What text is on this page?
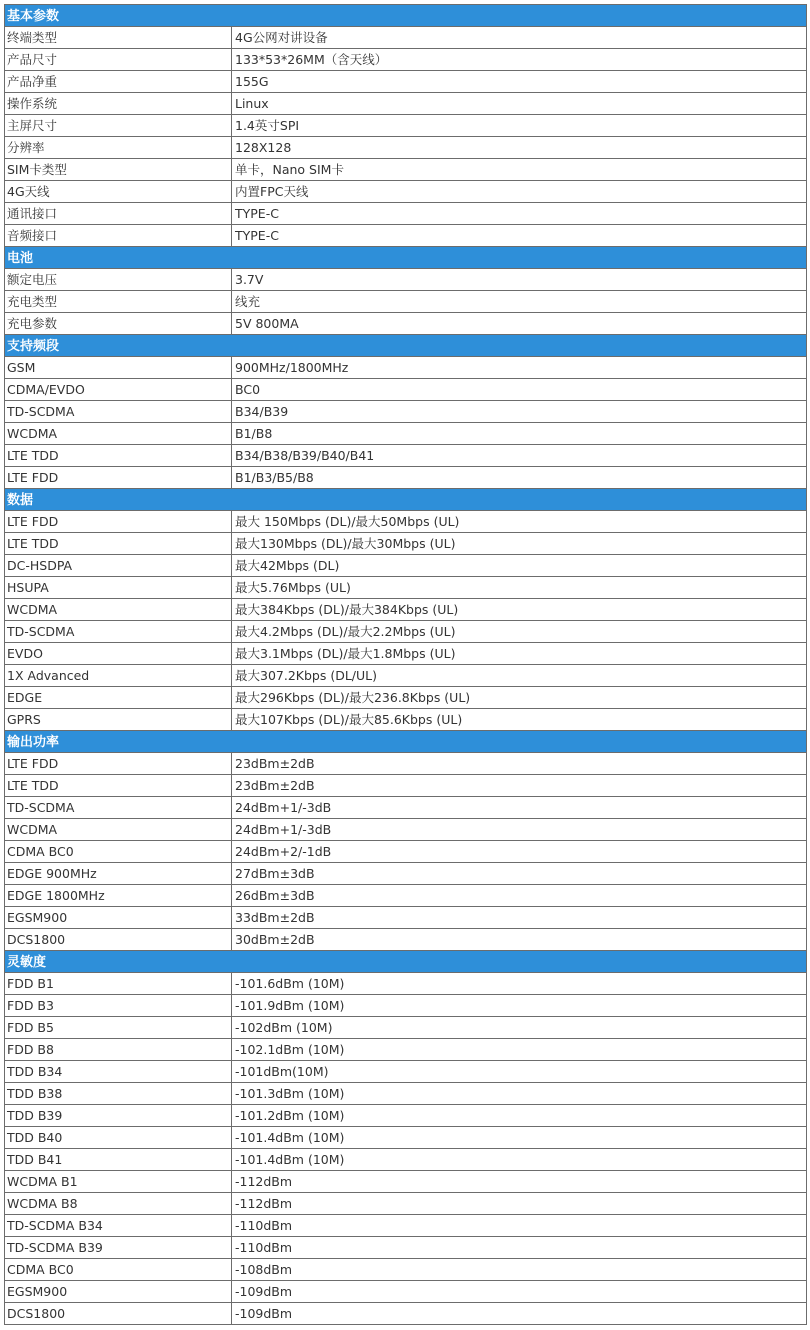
基本参数	
终端类型	4G公网对讲设备
产品尺寸	133*53*26MM（含天线）
产品净重	155G
操作系统	Linux
主屏尺寸	1.4英寸SPI
分辨率	128X128
SIM卡类型	单卡，Nano SIM卡
4G天线	内置FPC天线
通讯接口	TYPE-C
音频接口	TYPE-C
电池	
额定电压	3.7V
充电类型	线充
充电参数	5V 800MA
支持频段	
GSM	900MHz/1800MHz
CDMA/EVDO	BC0
TD-SCDMA	B34/B39
WCDMA	B1/B8
LTE TDD	B34/B38/B39/B40/B41
LTE FDD	B1/B3/B5/B8
数据	
LTE FDD	最大 150Mbps (DL)/最大50Mbps (UL)
LTE TDD	最大130Mbps (DL)/最大30Mbps (UL)
DC-HSDPA	最大42Mbps (DL)
HSUPA	最大5.76Mbps (UL)
WCDMA	最大384Kbps (DL)/最大384Kbps (UL)
TD-SCDMA	最大4.2Mbps (DL)/最大2.2Mbps (UL)
EVDO	最大3.1Mbps (DL)/最大1.8Mbps (UL)
1X Advanced	最大307.2Kbps (DL/UL)
EDGE	最大296Kbps (DL)/最大236.8Kbps (UL)
GPRS	最大107Kbps (DL)/最大85.6Kbps (UL)
输出功率	
LTE FDD	23dBm±2dB
LTE TDD	23dBm±2dB
TD-SCDMA	24dBm+1/-3dB
WCDMA	24dBm+1/-3dB
CDMA BC0	24dBm+2/-1dB
EDGE 900MHz	27dBm±3dB
EDGE 1800MHz	26dBm±3dB
EGSM900	33dBm±2dB
DCS1800	30dBm±2dB
灵敏度	
FDD B1	-101.6dBm (10M)
FDD B3	-101.9dBm (10M)
FDD B5	-102dBm (10M)
FDD B8	-102.1dBm (10M)
TDD B34	-101dBm(10M)
TDD B38	-101.3dBm (10M)
TDD B39	-101.2dBm (10M)
TDD B40	-101.4dBm (10M)
TDD B41	-101.4dBm (10M)
WCDMA B1	-112dBm
WCDMA B8	-112dBm
TD-SCDMA B34	-110dBm
TD-SCDMA B39	-110dBm
CDMA BC0	-108dBm
EGSM900	-109dBm
DCS1800	-109dBm
